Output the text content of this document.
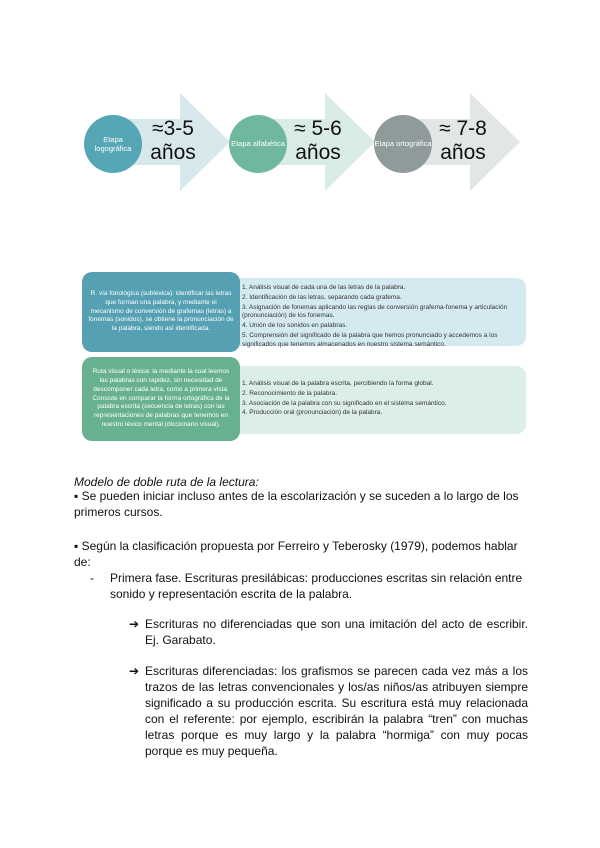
Etapa logográfica
≈3-5 años	Etapa alfabética
≈ 5-6 años	Etapa ortográfica
≈ 7-8 años
1. Análisis visual de cada una de las letras de la palabra.
2. Identificación de las letras, separando cada grafema.
3. Asignación de fonemas aplicando las reglas de conversión grafema-fonema y articulación (pronunciación) de los fonemas.
4. Unión de los sonidos en palabras.
5. Comprensión del significado de la palabra que hemos pronunciado y accedemos a los significados que tenemos almacenados en nuestro sistema semántico.
R. vía fonológica (subléxica): identificar las letras que forman una palabra, y mediante el mecanismo de conversión de grafemas (letras) a fonemas (sonidos), se obtiene la pronunciación de la palabra, siendo así identificada.
1. Análisis visual de la palabra escrita, percibiendo la forma global.
2. Reconocimiento de la palabra.
3. Asociación de la palabra con su significado en el sistema semántico.
4. Producción oral (pronunciación) de la palabra.
Ruta visual o léxica: la mediante la cual leemos las palabras con rapidez, sin necesidad de descomponer cada letra, como a primera vista. Consiste en comparar la forma ortográfica de la palabra escrita (secuencia de letras) con las representaciones de palabras que tenemos en nuestro léxico mental (diccionario visual).
Modelo de doble ruta de la lectura:
▪ Se pueden iniciar incluso antes de la escolarización y se suceden a lo largo de los primeros cursos.
▪ Según la clasificación propuesta por Ferreiro y Teberosky (1979), podemos hablar de:
- Primera fase. Escrituras presilábicas: producciones escritas sin relación entre sonido y representación escrita de la palabra.
➔ Escrituras no diferenciadas que son una imitación del acto de escribir. Ej. Garabato.
➔ Escrituras diferenciadas: los grafismos se parecen cada vez más a los trazos de las letras convencionales y los/as niños/as atribuyen siempre significado a su producción escrita. Su escritura está muy relacionada con el referente: por ejemplo, escribirán la palabra “tren” con muchas letras porque es muy largo y la palabra “hormiga” con muy pocas porque es muy pequeña.
